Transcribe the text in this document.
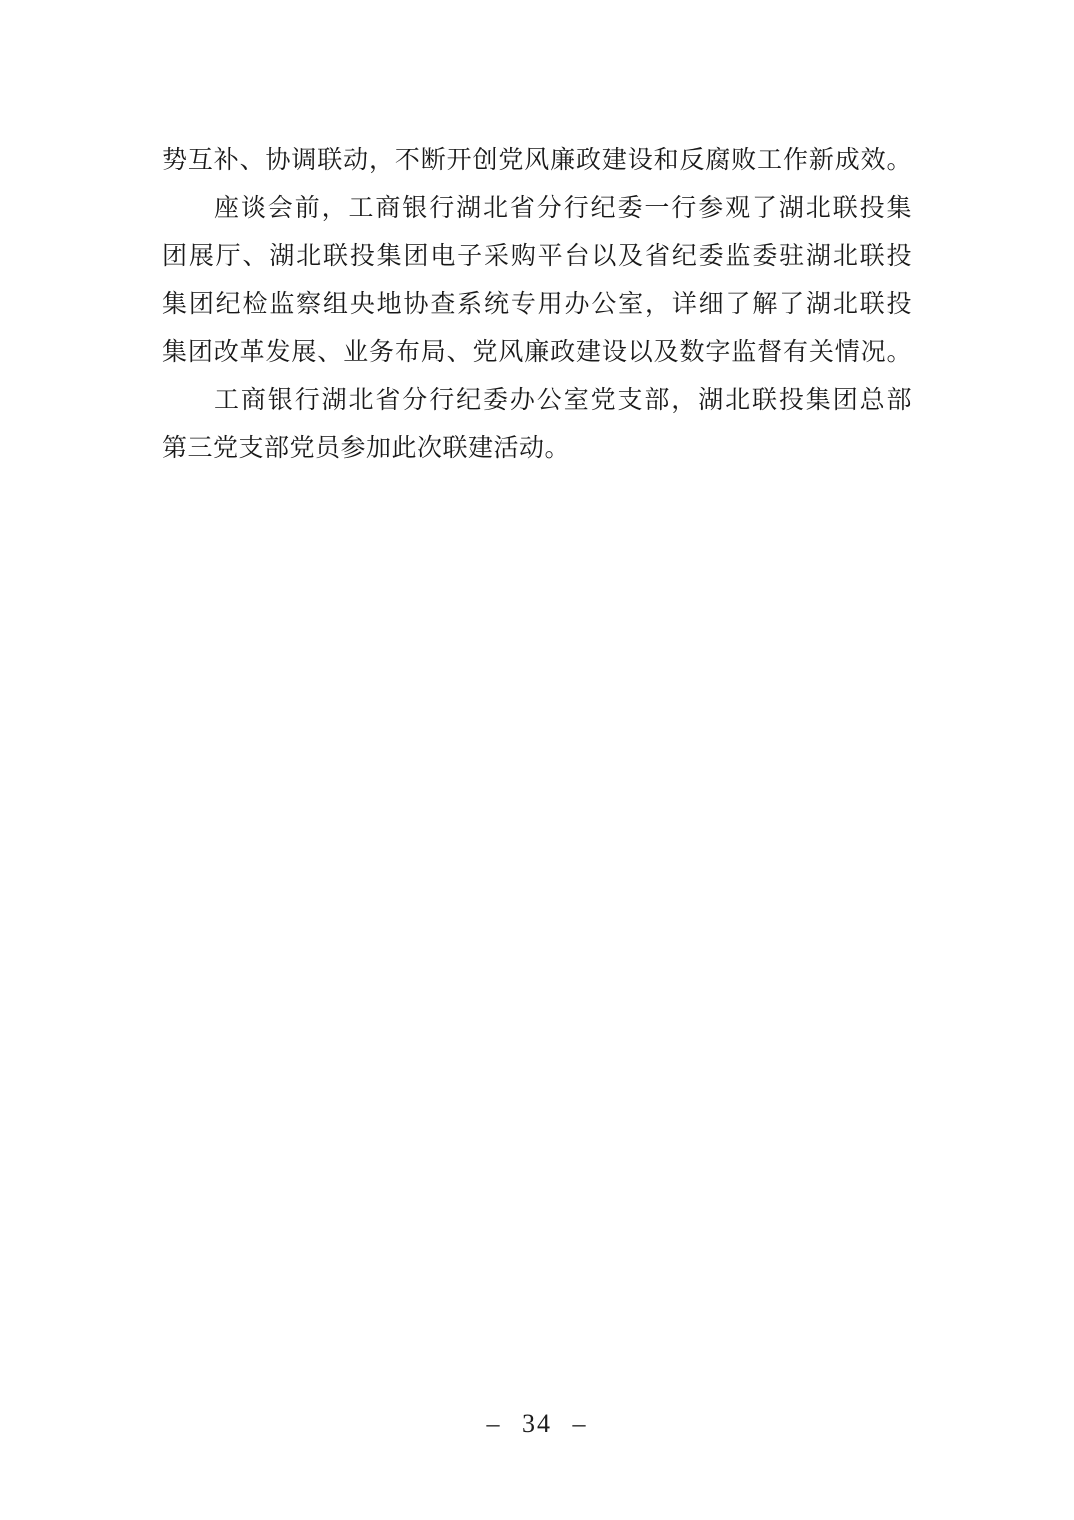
势互补、协调联动，不断开创党风廉政建设和反腐败工作新成效。

座谈会前，工商银行湖北省分行纪委一行参观了湖北联投集

团展厅、湖北联投集团电子采购平台以及省纪委监委驻湖北联投

集团纪检监察组央地协查系统专用办公室，详细了解了湖北联投

集团改革发展、业务布局、党风廉政建设以及数字监督有关情况。

工商银行湖北省分行纪委办公室党支部，湖北联投集团总部

第三党支部党员参加此次联建活动。

– 34 –
